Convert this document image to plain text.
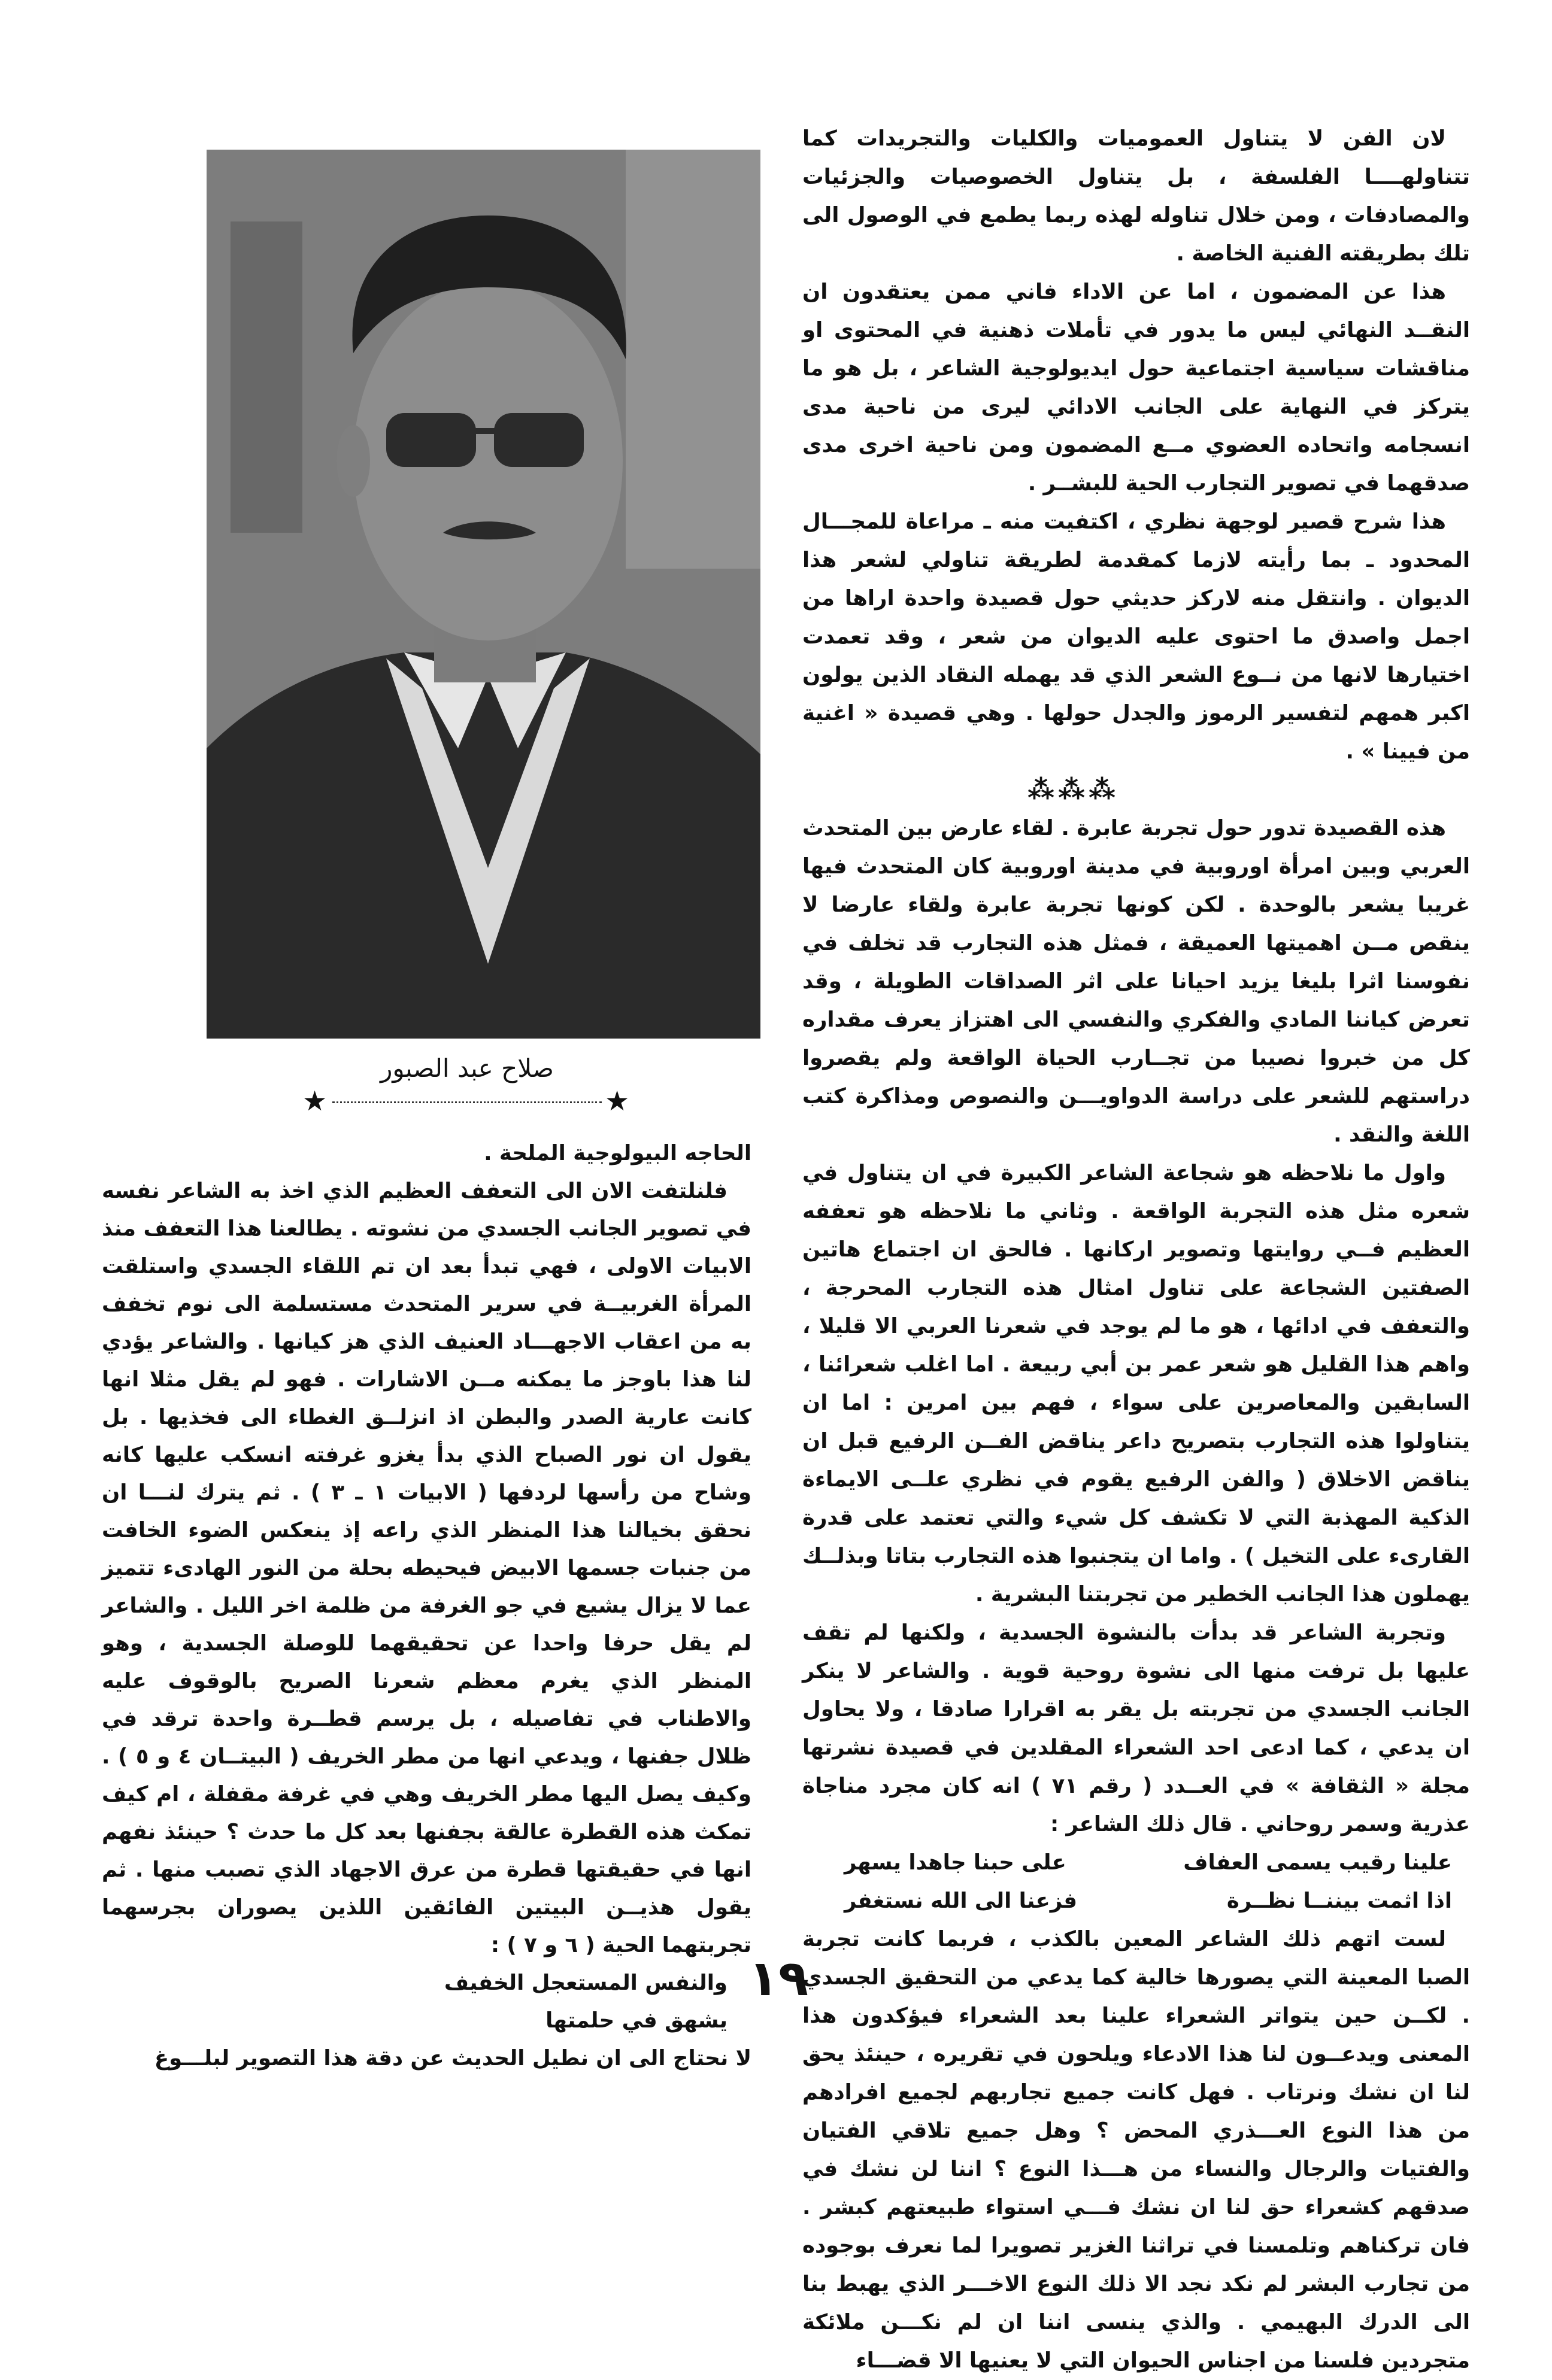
لان الفن لا يتناول العموميات والكليات والتجريدات كما تتناولهــــا الفلسفة ، بل يتناول الخصوصيات والجزئيات والمصادفات ، ومن خلال تناوله لهذه ربما يطمع في الوصول الى تلك بطريقته الفنية الخاصة .

هذا عن المضمون ، اما عن الاداء فاني ممن يعتقدون ان النقــد النهائي ليس ما يدور في تأملات ذهنية في المحتوى او مناقشات سياسية اجتماعية حول ايديولوجية الشاعر ، بل هو ما يتركز في النهاية على الجانب الادائي ليرى من ناحية مدى انسجامه واتحاده العضوي مــع المضمون ومن ناحية اخرى مدى صدقهما في تصوير التجارب الحية للبشــر .

هذا شرح قصير لوجهة نظري ، اكتفيت منه ـ مراعاة للمجـــال المحدود ـ بما رأيته لازما كمقدمة لطريقة تناولي لشعر هذا الديوان . وانتقل منه لاركز حديثي حول قصيدة واحدة اراها من اجمل واصدق ما احتوى عليه الديوان من شعر ، وقد تعمدت اختيارها لانها من نــوع الشعر الذي قد يهمله النقاد الذين يولون اكبر همهم لتفسير الرموز والجدل حولها . وهي قصيدة « اغنية من فيينا » .

⁂⁂⁂

هذه القصيدة تدور حول تجربة عابرة . لقاء عارض بين المتحدث العربي وبين امرأة اوروبية في مدينة اوروبية كان المتحدث فيها غريبا يشعر بالوحدة . لكن كونها تجربة عابرة ولقاء عارضا لا ينقص مــن اهميتها العميقة ، فمثل هذه التجارب قد تخلف في نفوسنا اثرا بليغا يزيد احيانا على اثر الصداقات الطويلة ، وقد تعرض كياننا المادي والفكري والنفسي الى اهتزاز يعرف مقداره كل من خبروا نصيبا من تجــارب الحياة الواقعة ولم يقصروا دراستهم للشعر على دراسة الدواويـــن والنصوص ومذاكرة كتب اللغة والنقد .

واول ما نلاحظه هو شجاعة الشاعر الكبيرة في ان يتناول في شعره مثل هذه التجربة الواقعة . وثاني ما نلاحظه هو تعففه العظيم فــي روايتها وتصوير اركانها . فالحق ان اجتماع هاتين الصفتين الشجاعة على تناول امثال هذه التجارب المحرجة ، والتعفف في ادائها ، هو ما لم يوجد في شعرنا العربي الا قليلا ، واهم هذا القليل هو شعر عمر بن أبي ربيعة . اما اغلب شعرائنا ، السابقين والمعاصرين على سواء ، فهم بين امرين : اما ان يتناولوا هذه التجارب بتصريح داعر يناقض الفــن الرفيع قبل ان يناقض الاخلاق ( والفن الرفيع يقوم في نظري علــى الايماءة الذكية المهذبة التي لا تكشف كل شيء والتي تعتمد على قدرة القارىء على التخيل ) . واما ان يتجنبوا هذه التجارب بتاتا وبذلــك يهملون هذا الجانب الخطير من تجربتنا البشرية .

وتجربة الشاعر قد بدأت بالنشوة الجسدية ، ولكنها لم تقف عليها بل ترفت منها الى نشوة روحية قوية . والشاعر لا ينكر الجانب الجسدي من تجربته بل يقر به اقرارا صادقا ، ولا يحاول ان يدعي ، كما ادعى احد الشعراء المقلدين في قصيدة نشرتها مجلة « الثقافة » في العــدد ( رقم ٧١ ) انه كان مجرد مناجاة عذرية وسمر روحاني . قال ذلك الشاعر :

علينا رقيب يسمى العفاف
على حبنا جاهدا يسهر
اذا اثمت بيننــا نظــرة
فزعنا الى الله نستغفر

لست اتهم ذلك الشاعر المعين بالكذب ، فربما كانت تجربة الصبا المعينة التي يصورها خالية كما يدعي من التحقيق الجسدي . لكــن حين يتواتر الشعراء علينا بعد الشعراء فيؤكدون هذا المعنى ويدعــون لنا هذا الادعاء ويلحون في تقريره ، حينئذ يحق لنا ان نشك ونرتاب . فهل كانت جميع تجاربهم لجميع افرادهم من هذا النوع العـــذري المحض ؟ وهل جميع تلاقي الفتيان والفتيات والرجال والنساء من هـــذا النوع ؟ اننا لن نشك في صدقهم كشعراء حق لنا ان نشك فـــي استواء طبيعتهم كبشر . فان تركناهم وتلمسنا في تراثنا الغزير تصويرا لما نعرف بوجوده من تجارب البشر لم نكد نجد الا ذلك النوع الاخـــر الذي يهبط بنا الى الدرك البهيمي . والذي ينسى اننا ان لم نكـــن ملائكة متجردين فلسنا من اجناس الحيوان التي لا يعنيها الا قضـــاء

صلاح عبد الصبور
★	★

الحاجه البيولوجية الملحة .

فلنلتفت الان الى التعفف العظيم الذي اخذ به الشاعر نفسه في تصوير الجانب الجسدي من نشوته . يطالعنا هذا التعفف منذ الابيات الاولى ، فهي تبدأ بعد ان تم اللقاء الجسدي واستلقت المرأة الغربيــة في سرير المتحدث مستسلمة الى نوم تخفف به من اعقاب الاجهـــاد العنيف الذي هز كيانها . والشاعر يؤدي لنا هذا باوجز ما يمكنه مــن الاشارات . فهو لم يقل مثلا انها كانت عارية الصدر والبطن اذ انزلــق الغطاء الى فخذيها . بل يقول ان نور الصباح الذي بدأ يغزو غرفته انسكب عليها كانه وشاح من رأسها لردفها ( الابيات ١ ـ ٣ ) . ثم يترك لنـــا ان نحقق بخيالنا هذا المنظر الذي راعه إذ ينعكس الضوء الخافت من جنبات جسمها الابيض فيحيطه بحلة من النور الهادىء تتميز عما لا يزال يشيع في جو الغرفة من ظلمة اخر الليل . والشاعر لم يقل حرفا واحدا عن تحقيقهما للوصلة الجسدية ، وهو المنظر الذي يغرم معظم شعرنا الصريح بالوقوف عليه والاطناب في تفاصيله ، بل يرسم قطــرة واحدة ترقد في ظلال جفنها ، ويدعي انها من مطر الخريف ( البيتــان ٤ و ٥ ) . وكيف يصل اليها مطر الخريف وهي في غرفة مقفلة ، ام كيف تمكث هذه القطرة عالقة بجفنها بعد كل ما حدث ؟ حينئذ نفهم انها في حقيقتها قطرة من عرق الاجهاد الذي تصبب منها . ثم يقول هذيــن البيتين الفائقين اللذين يصوران بجرسهما تجربتهما الحية ( ٦ و ٧ ) :

والنفس المستعجل الخفيف

يشهق في حلمتها

لا نحتاج الى ان نطيل الحديث عن دقة هذا التصوير لبلـــوغ

١٩
